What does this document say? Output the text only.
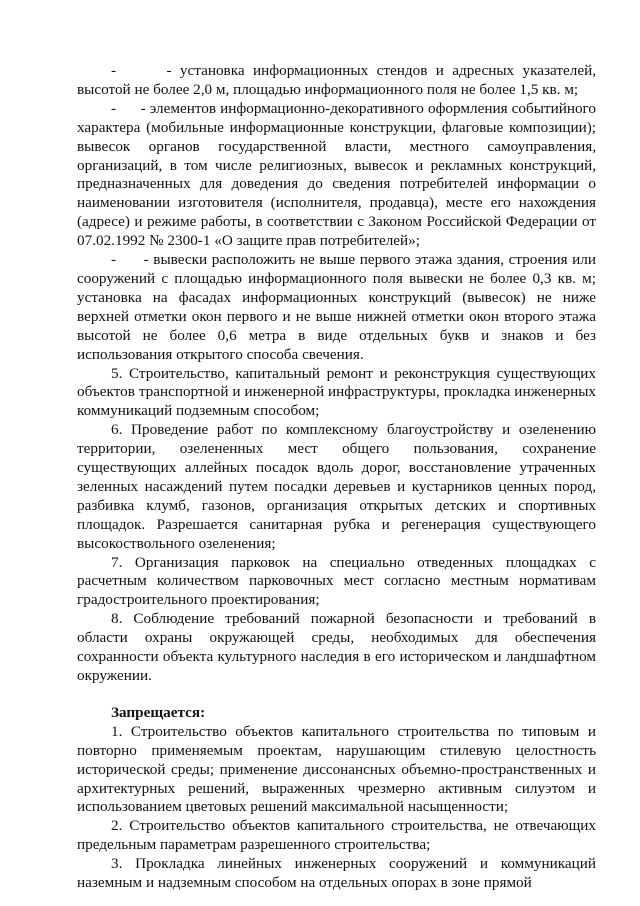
-      - установка информационных стендов и адресных указателей, высотой не более 2,0 м, площадью информационного поля не более 1,5 кв. м;

-      - элементов информационно-декоративного оформления событийного характера (мобильные информационные конструкции, флаговые композиции); вывесок органов государственной власти, местного самоуправления, организаций, в том числе религиозных, вывесок и рекламных конструкций, предназначенных для доведения до сведения потребителей информации о наименовании изготовителя (исполнителя, продавца), месте его нахождения (адресе) и режиме работы, в соответствии с Законом Российской Федерации от 07.02.1992 № 2300-1 «О защите прав потребителей»;

-      - вывески расположить не выше первого этажа здания, строения или сооружений с площадью информационного поля вывески не более 0,3 кв. м; установка на фасадах информационных конструкций (вывесок) не ниже верхней отметки окон первого и не выше нижней отметки окон второго этажа высотой не более 0,6 метра в виде отдельных букв и знаков и без использования открытого способа свечения.

5. Строительство, капитальный ремонт и реконструкция существующих объектов транспортной и инженерной инфраструктуры, прокладка инженерных коммуникаций подземным способом;

6. Проведение работ по комплексному благоустройству и озеленению территории, озелененных мест общего пользования, сохранение существующих аллейных посадок вдоль дорог, восстановление утраченных зеленных насаждений путем посадки деревьев и кустарников ценных пород, разбивка клумб, газонов, организация открытых детских и спортивных площадок. Разрешается санитарная рубка и регенерация существующего высокоствольного озеленения;

7. Организация парковок на специально отведенных площадках с расчетным количеством парковочных мест согласно местным нормативам градостроительного проектирования;

8. Соблюдение требований пожарной безопасности и требований в области охраны окружающей среды, необходимых для обеспечения сохранности объекта культурного наследия в его историческом и ландшафтном окружении.

Запрещается:

1. Строительство объектов капитального строительства по типовым и повторно применяемым проектам, нарушающим стилевую целостность исторической среды; применение диссонансных объемно-пространственных и архитектурных решений, выраженных чрезмерно активным силуэтом и использованием цветовых решений максимальной насыщенности;

2. Строительство объектов капитального строительства, не отвечающих предельным параметрам разрешенного строительства;

3. Прокладка линейных инженерных сооружений и коммуникаций наземным и надземным способом на отдельных опорах в зоне прямой
